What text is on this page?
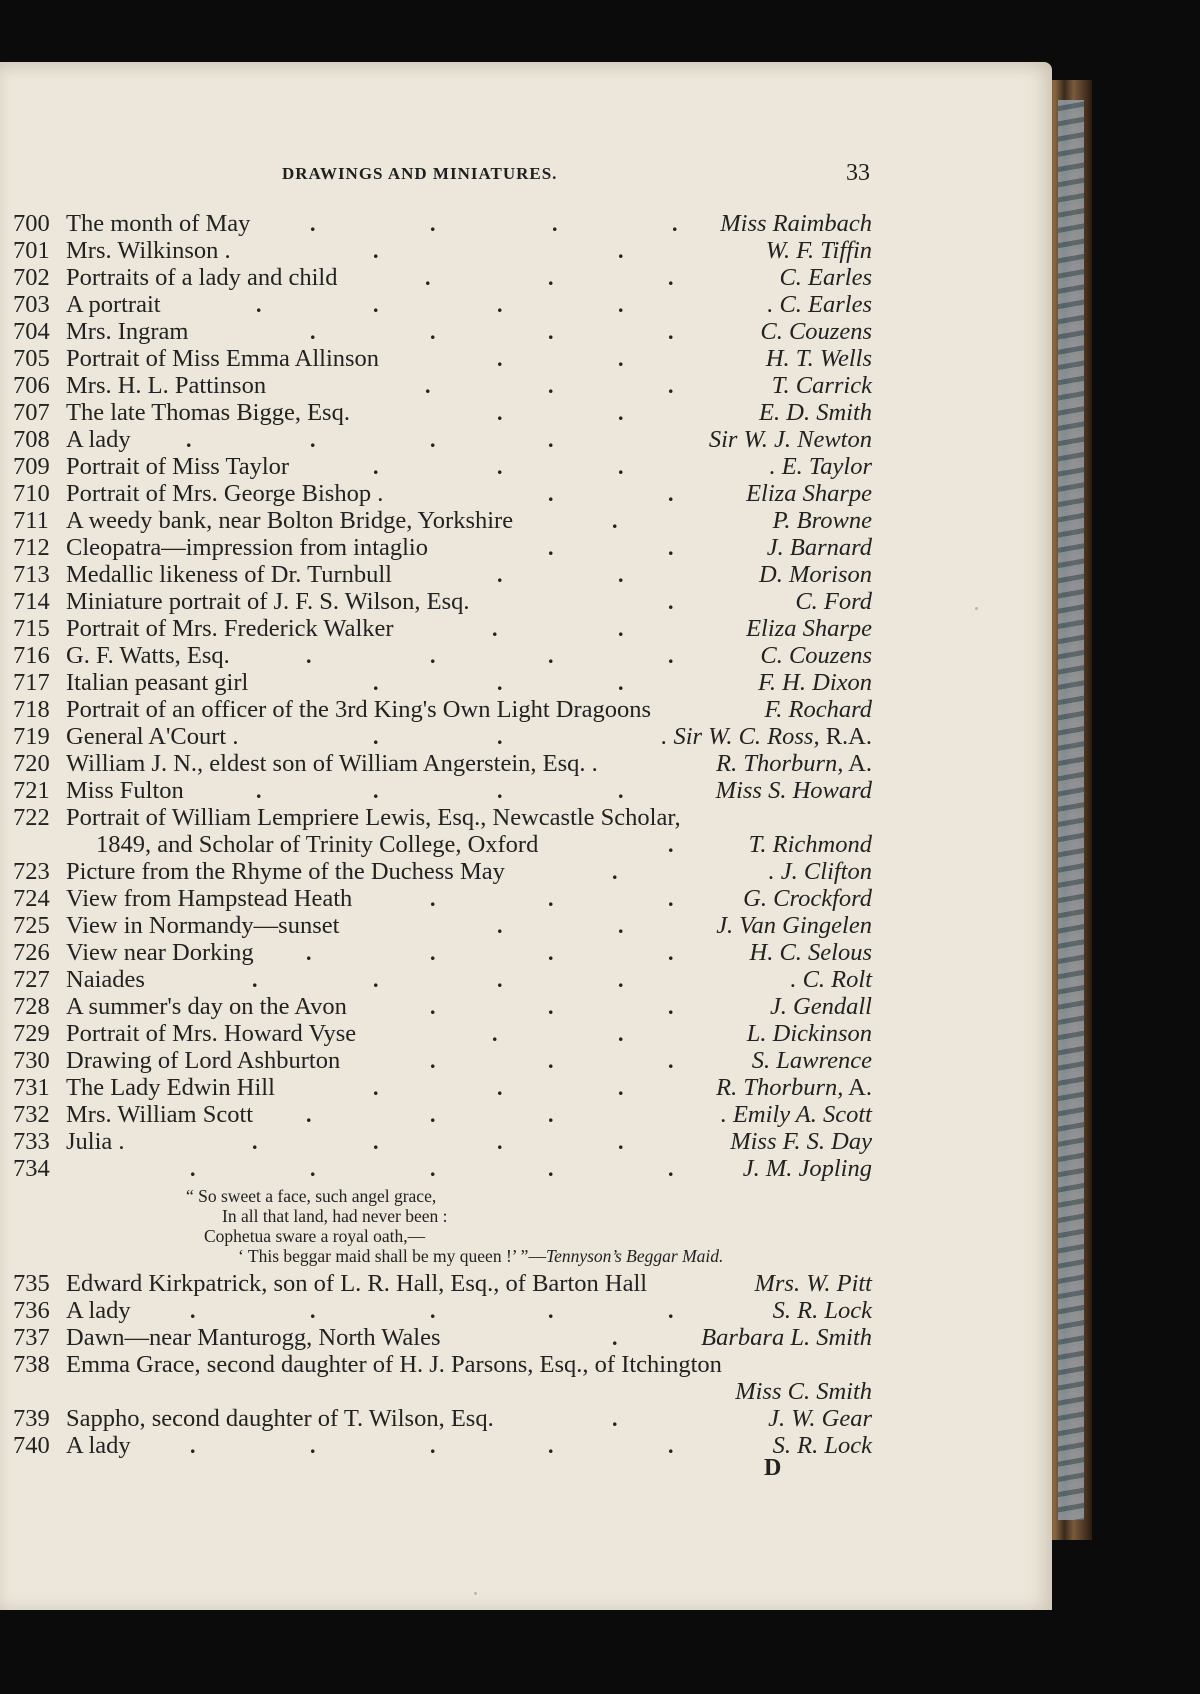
DRAWINGS AND MINIATURES.	33
700 The month of May	.	.	.	. Miss Raimbach
701 Mrs. Wilkinson .	.	.	W. F. Tiffin
702 Portraits of a lady and child	.	.	.	C. Earles
703 A portrait	.	.	.	.	. C. Earles
704 Mrs. Ingram	.	.	.	.	C. Couzens
705 Portrait of Miss Emma Allinson	.	.	H. T. Wells
706 Mrs. H. L. Pattinson	.	.	.	T. Carrick
707 The late Thomas Bigge, Esq.	.	.	E. D. Smith
708 A lady	.	.	.	.	Sir W. J. Newton
709 Portrait of Miss Taylor	.	.	.	. E. Taylor
710 Portrait of Mrs. George Bishop .	.	.	Eliza Sharpe
711 A weedy bank, near Bolton Bridge, Yorkshire	.	P. Browne
712 Cleopatra—impression from intaglio	.	.	J. Barnard
713 Medallic likeness of Dr. Turnbull	.	.	D. Morison
714 Miniature portrait of J. F. S. Wilson, Esq.	.	C. Ford
715 Portrait of Mrs. Frederick Walker	.	.	Eliza Sharpe
716 G. F. Watts, Esq.	.	.	.	.	C. Couzens
717 Italian peasant girl	.	.	.	F. H. Dixon
718 Portrait of an officer of the 3rd King's Own Light Dragoons	F. Rochard
719 General A'Court .	.	.	. Sir W. C. Ross, R.A.
720 William J. N., eldest son of William Angerstein, Esq. .	R. Thorburn, A.
721 Miss Fulton	.	.	.	.	Miss S. Howard
722 Portrait of William Lempriere Lewis, Esq., Newcastle Scholar,
1849, and Scholar of Trinity College, Oxford	.	T. Richmond
723 Picture from the Rhyme of the Duchess May	.	. J. Clifton
724 View from Hampstead Heath	.	.	.	G. Crockford
725 View in Normandy—sunset	.	.	J. Van Gingelen
726 View near Dorking .	.	.	.	H. C. Selous
727 Naiades	.	.	.	.	. C. Rolt
728 A summer's day on the Avon	.	.	.	J. Gendall
729 Portrait of Mrs. Howard Vyse	.	.	L. Dickinson
730 Drawing of Lord Ashburton	.	.	.	S. Lawrence
731 The Lady Edwin Hill	.	.	.	R. Thorburn, A.
732 Mrs. William Scott .	.	.	. Emily A. Scott
733 Julia .	.	.	.	.	Miss F. S. Day
734	.	.	.	.	.	J. M. Jopling
“ So sweet a face, such angel grace,
In all that land, had never been :
Cophetua sware a royal oath,—
‘ This beggar maid shall be my queen !’ ”—Tennyson’s Beggar Maid.
735 Edward Kirkpatrick, son of L. R. Hall, Esq., of Barton Hall	Mrs. W. Pitt
736 A lady	.	.	.	.	.	S. R. Lock
737 Dawn—near Manturogg, North Wales	.	Barbara L. Smith
738 Emma Grace, second daughter of H. J. Parsons, Esq., of Itchington
Miss C. Smith
739 Sappho, second daughter of T. Wilson, Esq.	.	J. W. Gear
740 A lady	.	.	.	.	.	S. R. Lock
D
